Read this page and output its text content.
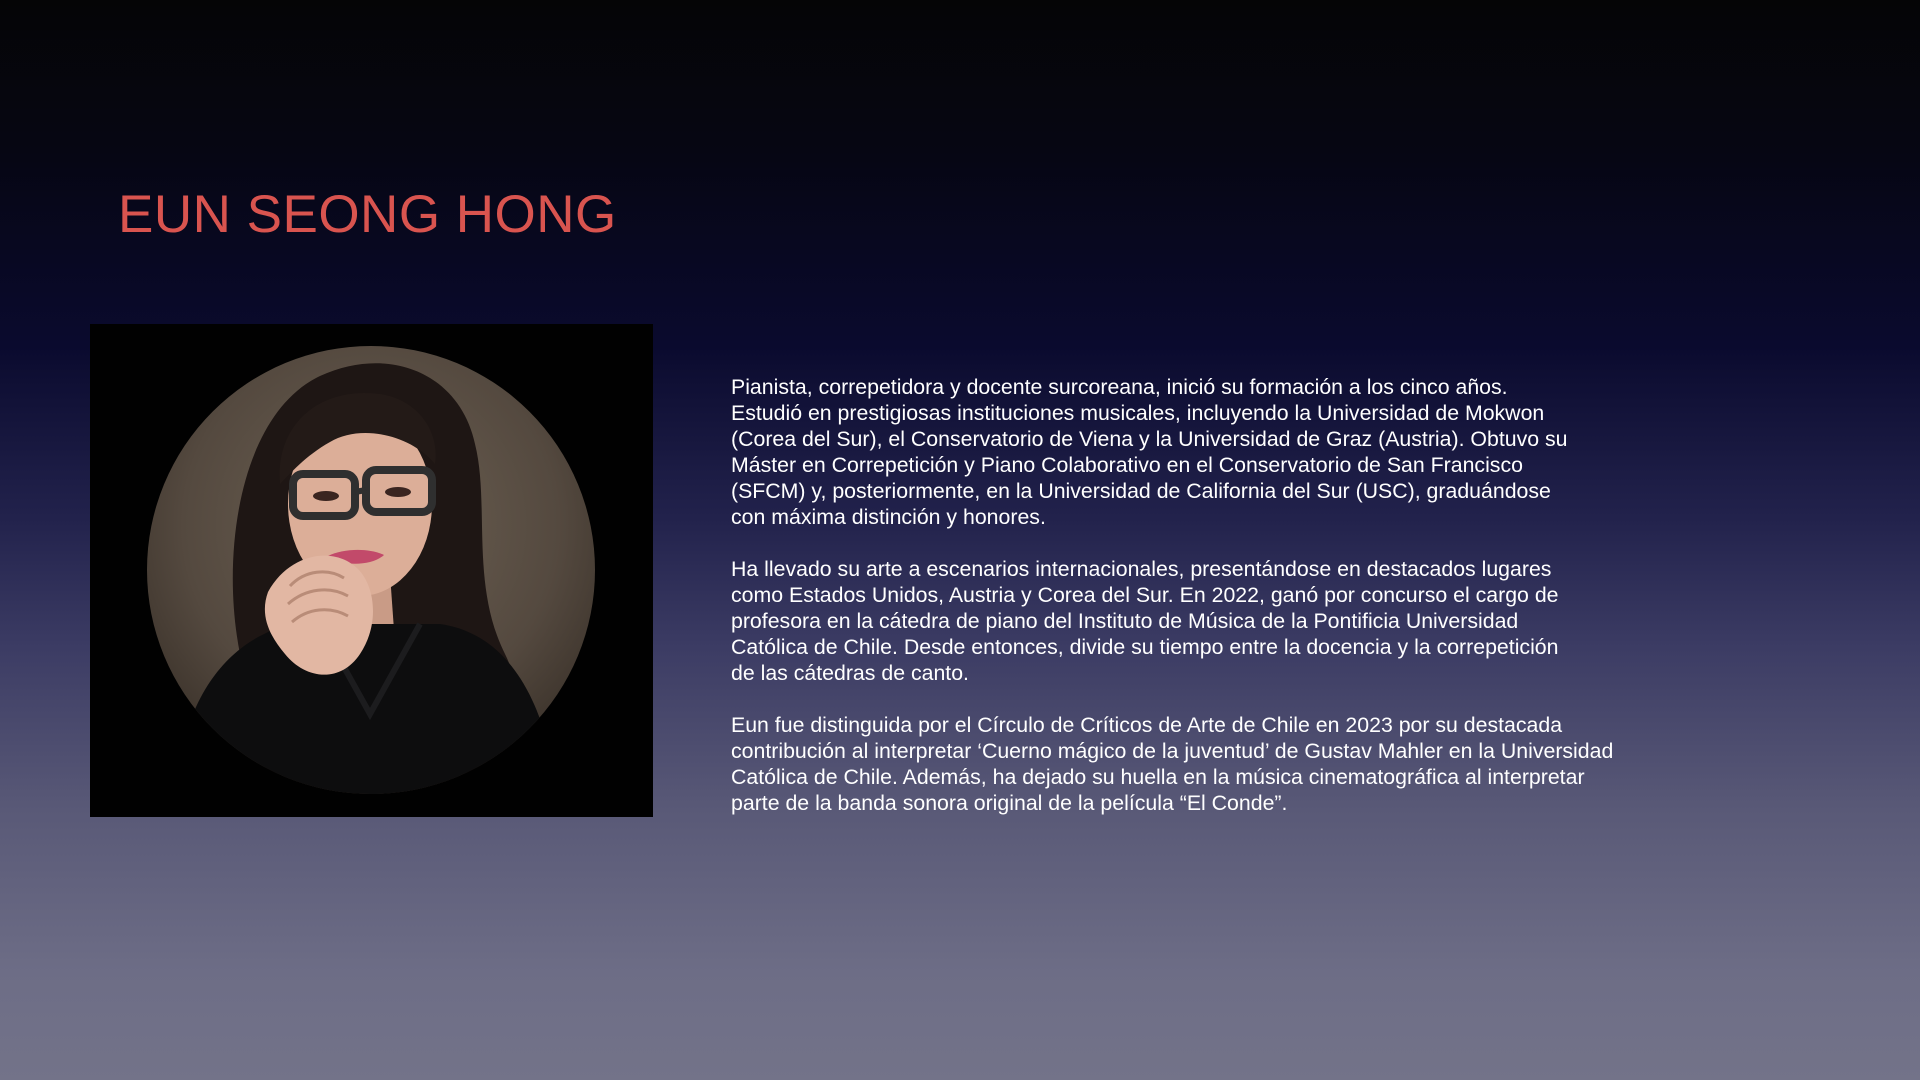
EUN SEONG HONG

Pianista, correpetidora y docente surcoreana, inició su formación a los cinco años.
Estudió en prestigiosas instituciones musicales, incluyendo la Universidad de Mokwon
(Corea del Sur), el Conservatorio de Viena y la Universidad de Graz (Austria). Obtuvo su
Máster en Correpetición y Piano Colaborativo en el Conservatorio de San Francisco
(SFCM) y, posteriormente, en la Universidad de California del Sur (USC), graduándose
con máxima distinción y honores.

Ha llevado su arte a escenarios internacionales, presentándose en destacados lugares
como Estados Unidos, Austria y Corea del Sur. En 2022, ganó por concurso el cargo de
profesora en la cátedra de piano del Instituto de Música de la Pontificia Universidad
Católica de Chile. Desde entonces, divide su tiempo entre la docencia y la correpetición
de las cátedras de canto.

Eun fue distinguida por el Círculo de Críticos de Arte de Chile en 2023 por su destacada
contribución al interpretar ‘Cuerno mágico de la juventud’ de Gustav Mahler en la Universidad
Católica de Chile. Además, ha dejado su huella en la música cinematográfica al interpretar
parte de la banda sonora original de la película “El Conde”.
